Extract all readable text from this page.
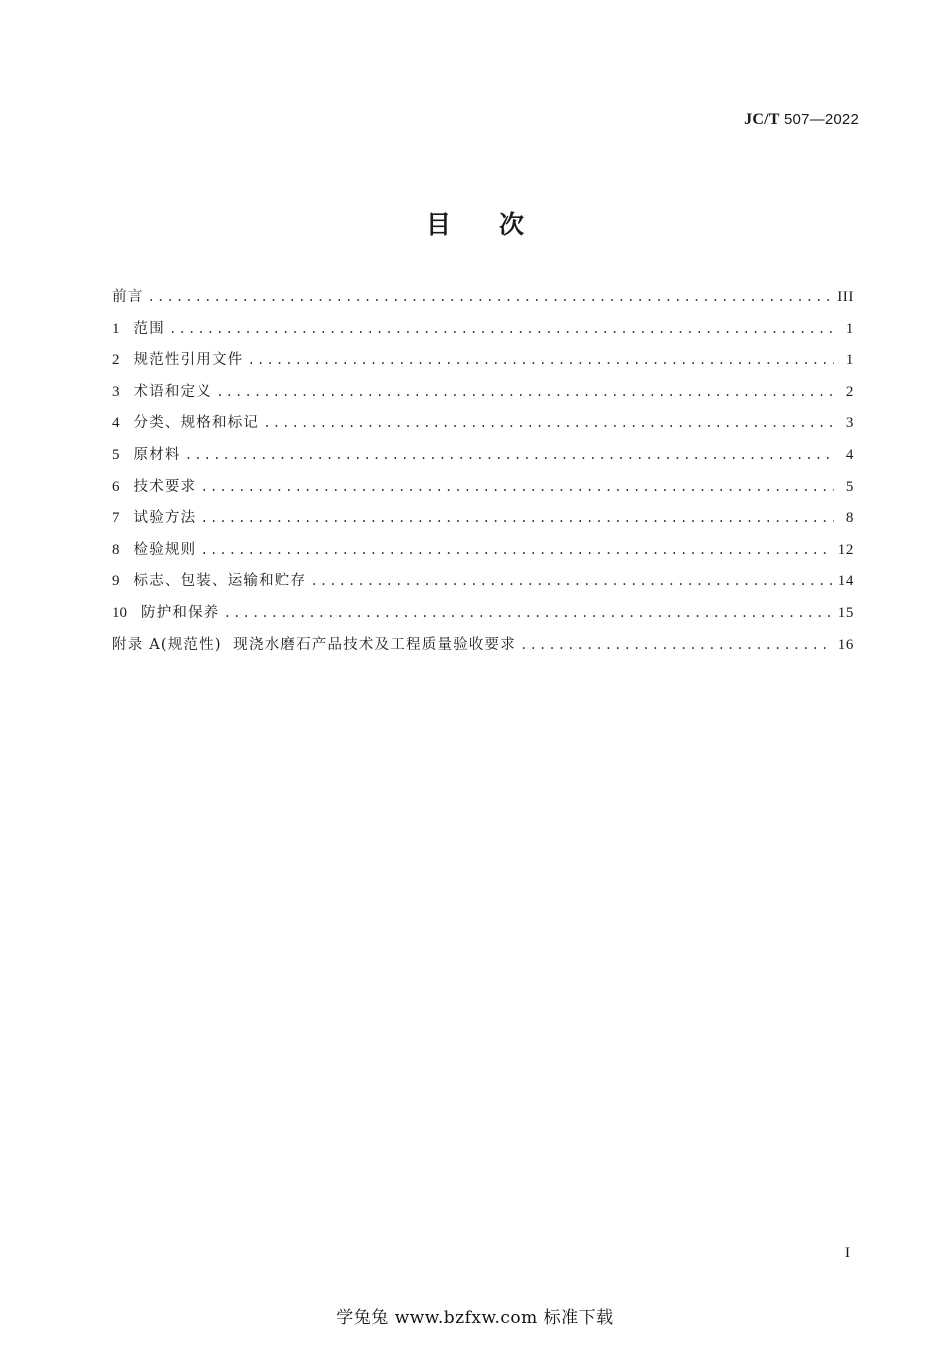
JC/T 507—2022
目次
前言 .....	III
1 范围 .....	1
2 规范性引用文件 .....	1
3 术语和定义 .....	2
4 分类、规格和标记 .....	3
5 原材料 .....	4
6 技术要求 .....	5
7 试验方法 .....	8
8 检验规则 .....	12
9 标志、包装、运输和贮存 .....	14
10 防护和保养 .....	15
附录 A(规范性)  现浇水磨石产品技术及工程质量验收要求 .....	16
I
学兔兔 www.bzfxw.com 标准下载
